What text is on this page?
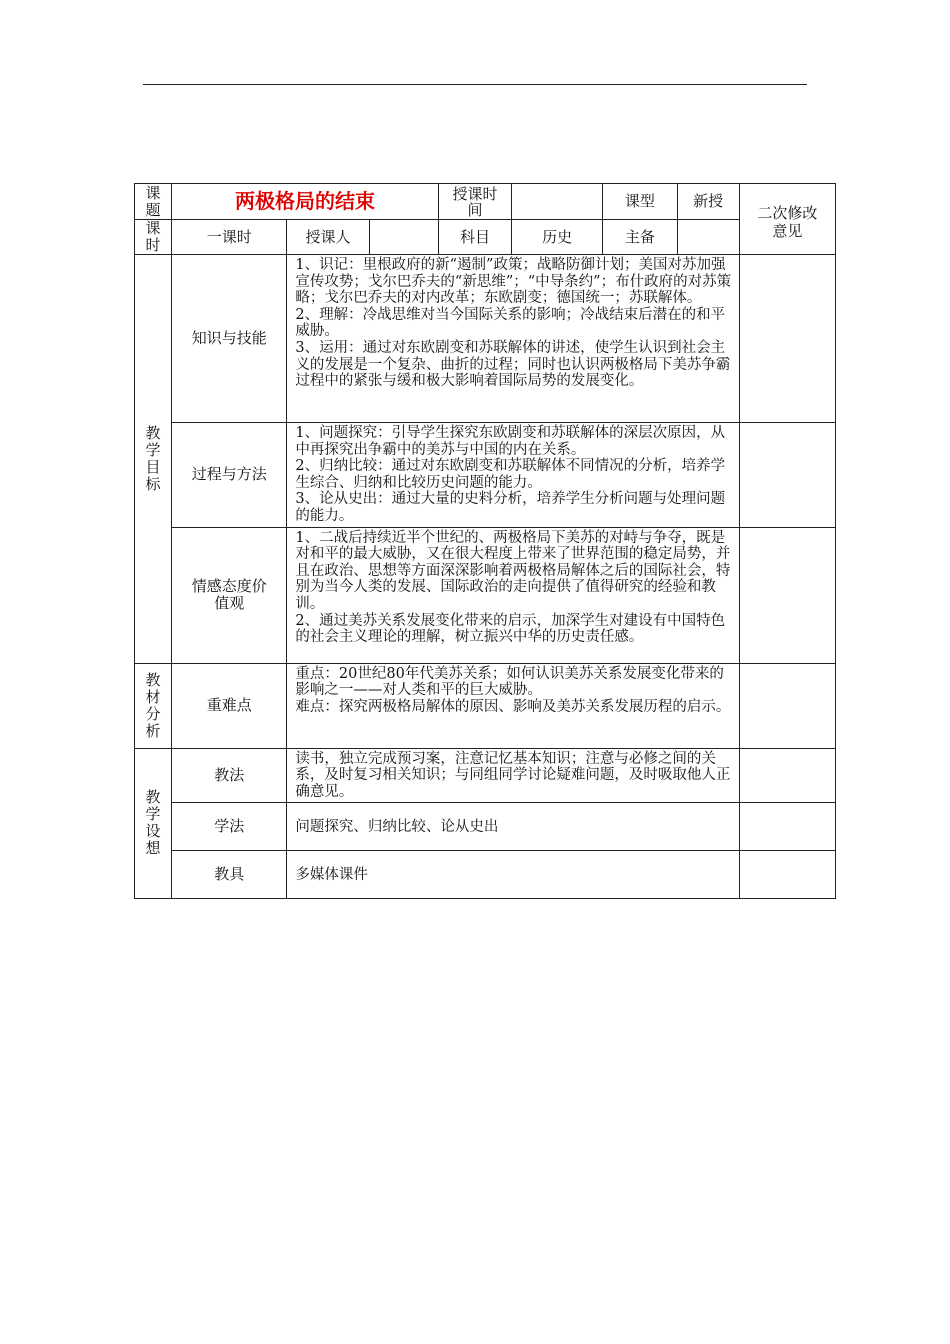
课题	两极格局的结束			授课时间		课型	新授	二次修改意见

课时	一课时	授课人		科目	历史	主备		

教学目标	知识与技能	1、识记：里根政府的新“遏制”政策；战略防御计划；美国对苏加强宣传攻势；戈尔巴乔夫的“新思维”；“中导条约”；布什政府的对苏策略；戈尔巴乔夫的对内改革；东欧剧变；德国统一；苏联解体。
2、理解：冷战思维对当今国际关系的影响；冷战结束后潜在的和平威胁。
3、运用：通过对东欧剧变和苏联解体的讲述，使学生认识到社会主义的发展是一个复杂、曲折的过程；同时也认识两极格局下美苏争霸过程中的紧张与缓和极大影响着国际局势的发展变化。						

	过程与方法	1、问题探究：引导学生探究东欧剧变和苏联解体的深层次原因，从中再探究出争霸中的美苏与中国的内在关系。
2、归纳比较：通过对东欧剧变和苏联解体不同情况的分析，培养学生综合、归纳和比较历史问题的能力。
3、论从史出：通过大量的史料分析，培养学生分析问题与处理问题的能力。						

	情感态度价值观	1、二战后持续近半个世纪的、两极格局下美苏的对峙与争夺，既是对和平的最大威胁，又在很大程度上带来了世界范围的稳定局势，并且在政治、思想等方面深深影响着两极格局解体之后的国际社会，特别为当今人类的发展、国际政治的走向提供了值得研究的经验和教训。
2、通过美苏关系发展变化带来的启示，加深学生对建设有中国特色的社会主义理论的理解，树立振兴中华的历史责任感。						

教材分析	重难点	重点：20世纪80年代美苏关系；如何认识美苏关系发展变化带来的影响之一——对人类和平的巨大威胁。
难点：探究两极格局解体的原因、影响及美苏关系发展历程的启示。						

教学设想	教法	读书，独立完成预习案，注意记忆基本知识；注意与必修之间的关系，及时复习相关知识；与同组同学讨论疑难问题，及时吸取他人正确意见。						

	学法	问题探究、归纳比较、论从史出						

	教具	多媒体课件						
